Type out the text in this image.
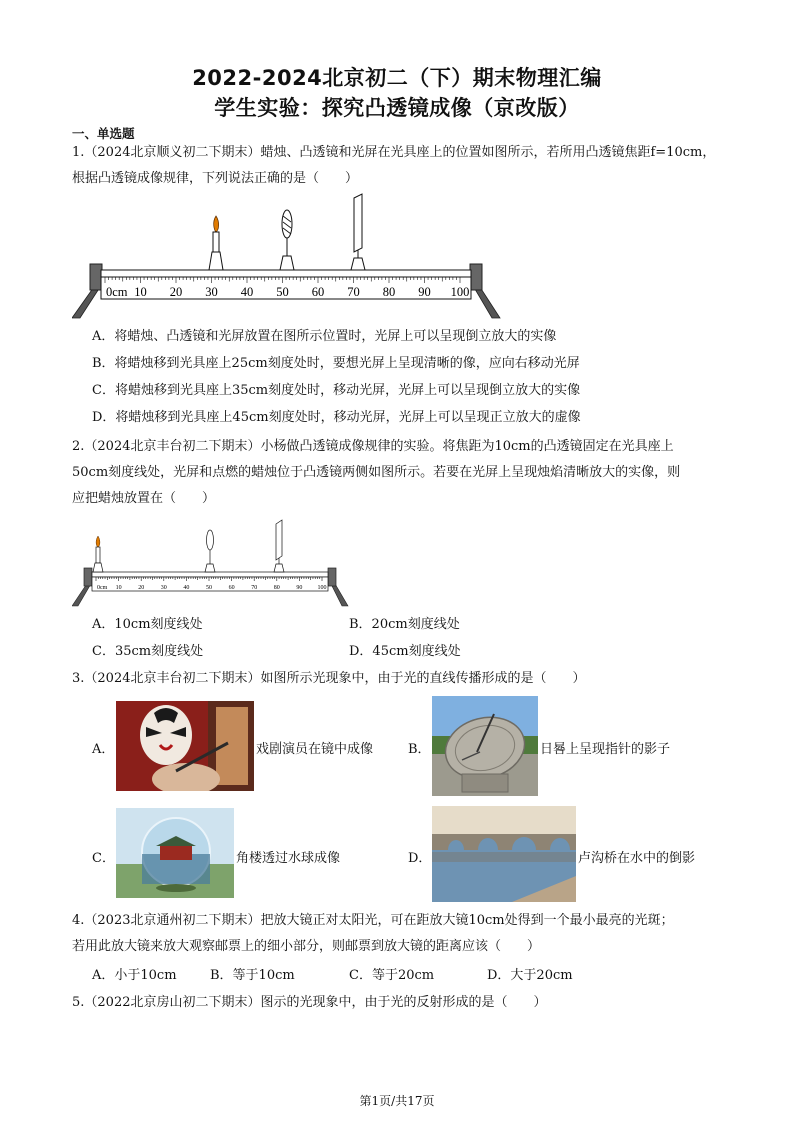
2022-2024北京初二（下）期末物理汇编
学生实验：探究凸透镜成像（京改版）
一、单选题
1.（2024北京顺义初二下期末）蜡烛、凸透镜和光屏在光具座上的位置如图所示，若所用凸透镜焦距f=10cm，
根据凸透镜成像规律，下列说法正确的是（　　）
0cm 10 20 30 40 50 60 70 80 90 100
A．将蜡烛、凸透镜和光屏放置在图所示位置时，光屏上可以呈现倒立放大的实像
B．将蜡烛移到光具座上25cm刻度处时，要想光屏上呈现清晰的像，应向右移动光屏
C．将蜡烛移到光具座上35cm刻度处时，移动光屏，光屏上可以呈现倒立放大的实像
D．将蜡烛移到光具座上45cm刻度处时，移动光屏，光屏上可以呈现正立放大的虚像
2.（2024北京丰台初二下期末）小杨做凸透镜成像规律的实验。将焦距为10cm的凸透镜固定在光具座上
50cm刻度线处，光屏和点燃的蜡烛位于凸透镜两侧如图所示。若要在光屏上呈现烛焰清晰放大的实像，则
应把蜡烛放置在（　　）
0cm 10	20	30	40	50	60	70	80	90	100
A．10cm刻度线处	B．20cm刻度线处
C．35cm刻度线处	D．45cm刻度线处
3.（2024北京丰台初二下期末）如图所示光现象中，由于光的直线传播形成的是（　　）
A．	戏剧演员在镜中成像	B．	日晷上呈现指针的影子
C．	角楼透过水球成像	D．	卢沟桥在水中的倒影
4.（2023北京通州初二下期末）把放大镜正对太阳光，可在距放大镜10cm处得到一个最小最亮的光斑；
若用此放大镜来放大观察邮票上的细小部分，则邮票到放大镜的距离应该（　　）
A．小于10cm	B．等于10cm	C．等于20cm	D．大于20cm
5.（2022北京房山初二下期末）图示的光现象中，由于光的反射形成的是（　　）
第1页/共17页
